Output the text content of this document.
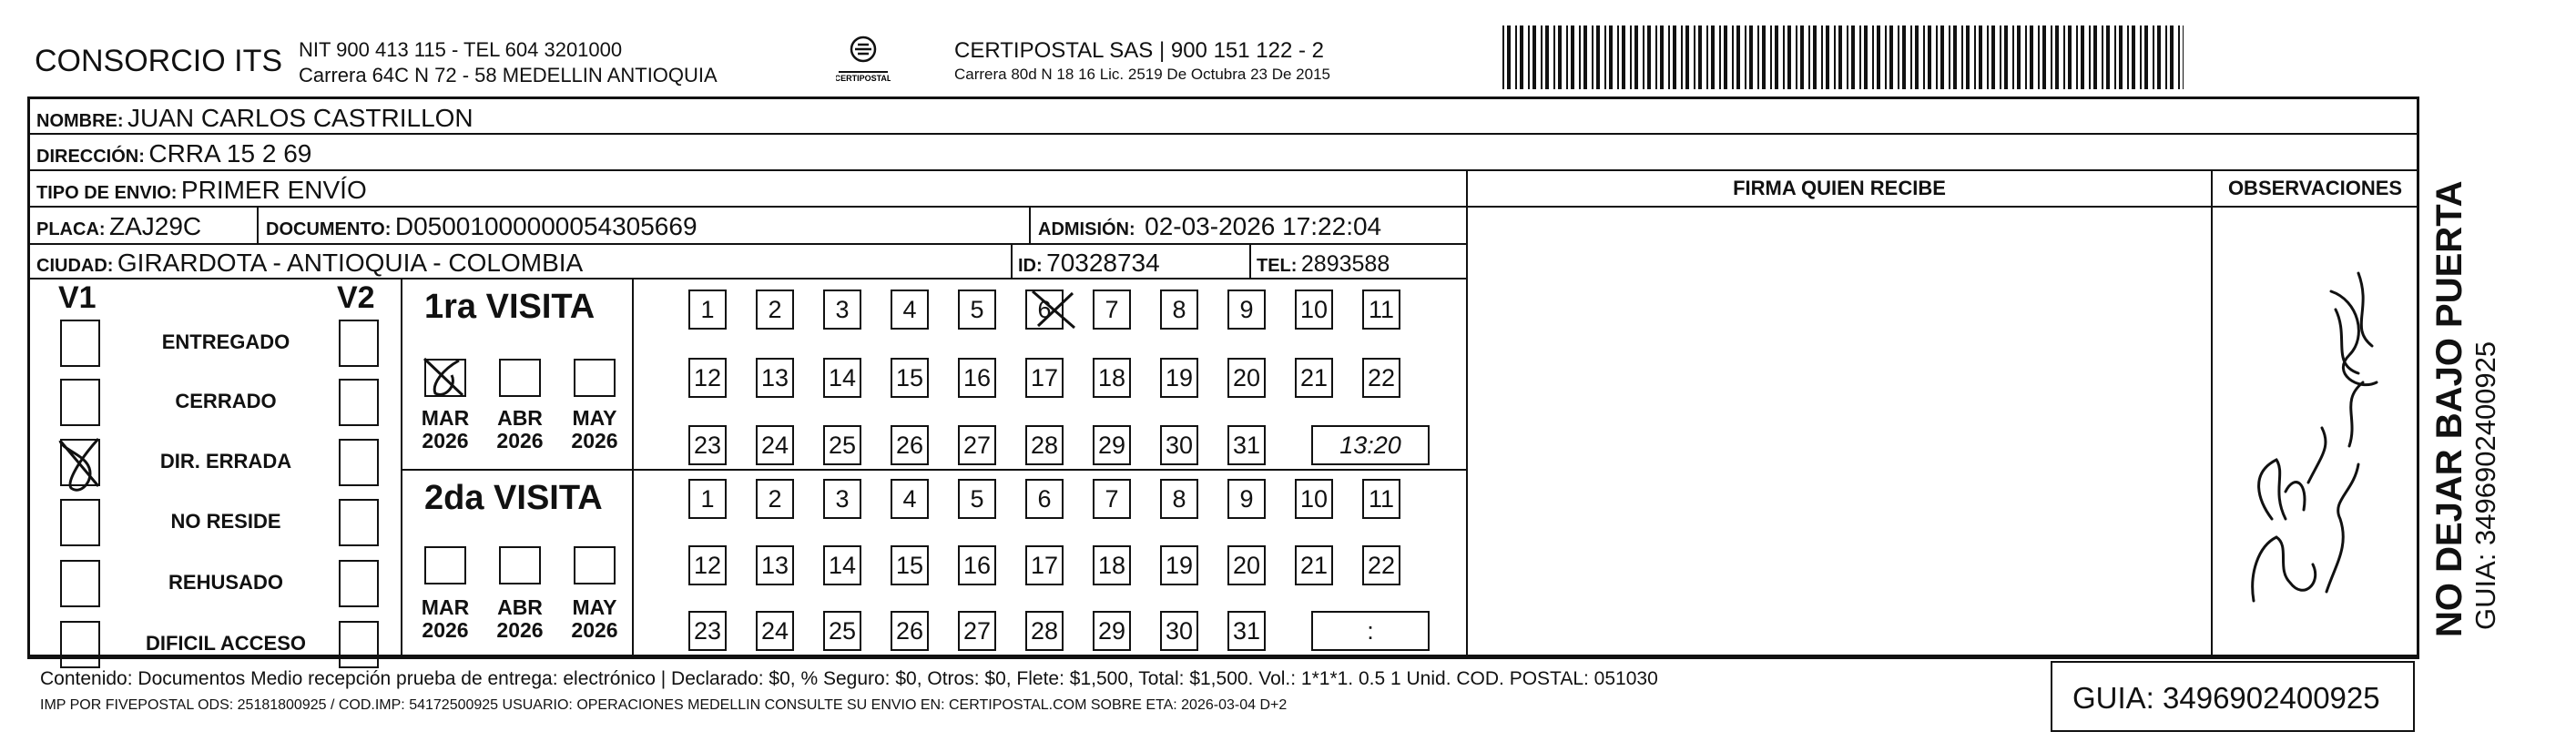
CONSORCIO ITS NIT 900 413 115 - TEL 604 3201000
Carrera 64C N 72 - 58 MEDELLIN ANTIOQUIA	CERTIPOSTAL
CERTIPOSTAL SAS | 900 151 122 - 2
Carrera 80d N 18 16 Lic. 2519 De Octubra 23 De 2015
NOMBRE: JUAN CARLOS CASTRILLON
DIRECCIÓN: CRRA 15 2 69
TIPO DE ENVIO: PRIMER ENVÍO
PLACA: ZAJ29C	DOCUMENTO: D05001000000054305669	ADMISIÓN: 02-03-2026 17:22:04
CIUDAD: GIRARDOTA - ANTIOQUIA - COLOMBIA	ID: 70328734	TEL: 2893588
FIRMA QUIEN RECIBE	OBSERVACIONES
V1	V2
ENTREGADO
CERRADO
DIR. ERRADA
NO RESIDE
REHUSADO
DIFICIL ACCESO
1ra VISITA
2da VISITA
MAR
2026
ABR
2026
MAY
2026
MAR
2026
ABR
2026
MAY
2026
1	2	3	4	5	6	7	8	9	10 11
12 13 14 15 16 17 18 19 20 21 22
23 24 25 26 27 28 29 30 31	13:20
1	2	3	4	5	6	7	8	9	10 11
12 13 14 15 16 17 18 19 20 21 22
23 24 25 26 27 28 29 30 31	:	NO DEJAR BAJO PUERTA GUIA: 3496902400925
Contenido: Documentos Medio recepción prueba de entrega: electrónico | Declarado: $0, % Seguro: $0, Otros: $0, Flete: $1,500, Total: $1,500. Vol.: 1*1*1. 0.5 1 Unid. COD. POSTAL: 051030
IMP POR FIVEPOSTAL ODS: 25181800925 / COD.IMP: 54172500925 USUARIO: OPERACIONES MEDELLIN CONSULTE SU ENVIO EN: CERTIPOSTAL.COM SOBRE ETA: 2026-03-04 D+2	GUIA: 3496902400925
